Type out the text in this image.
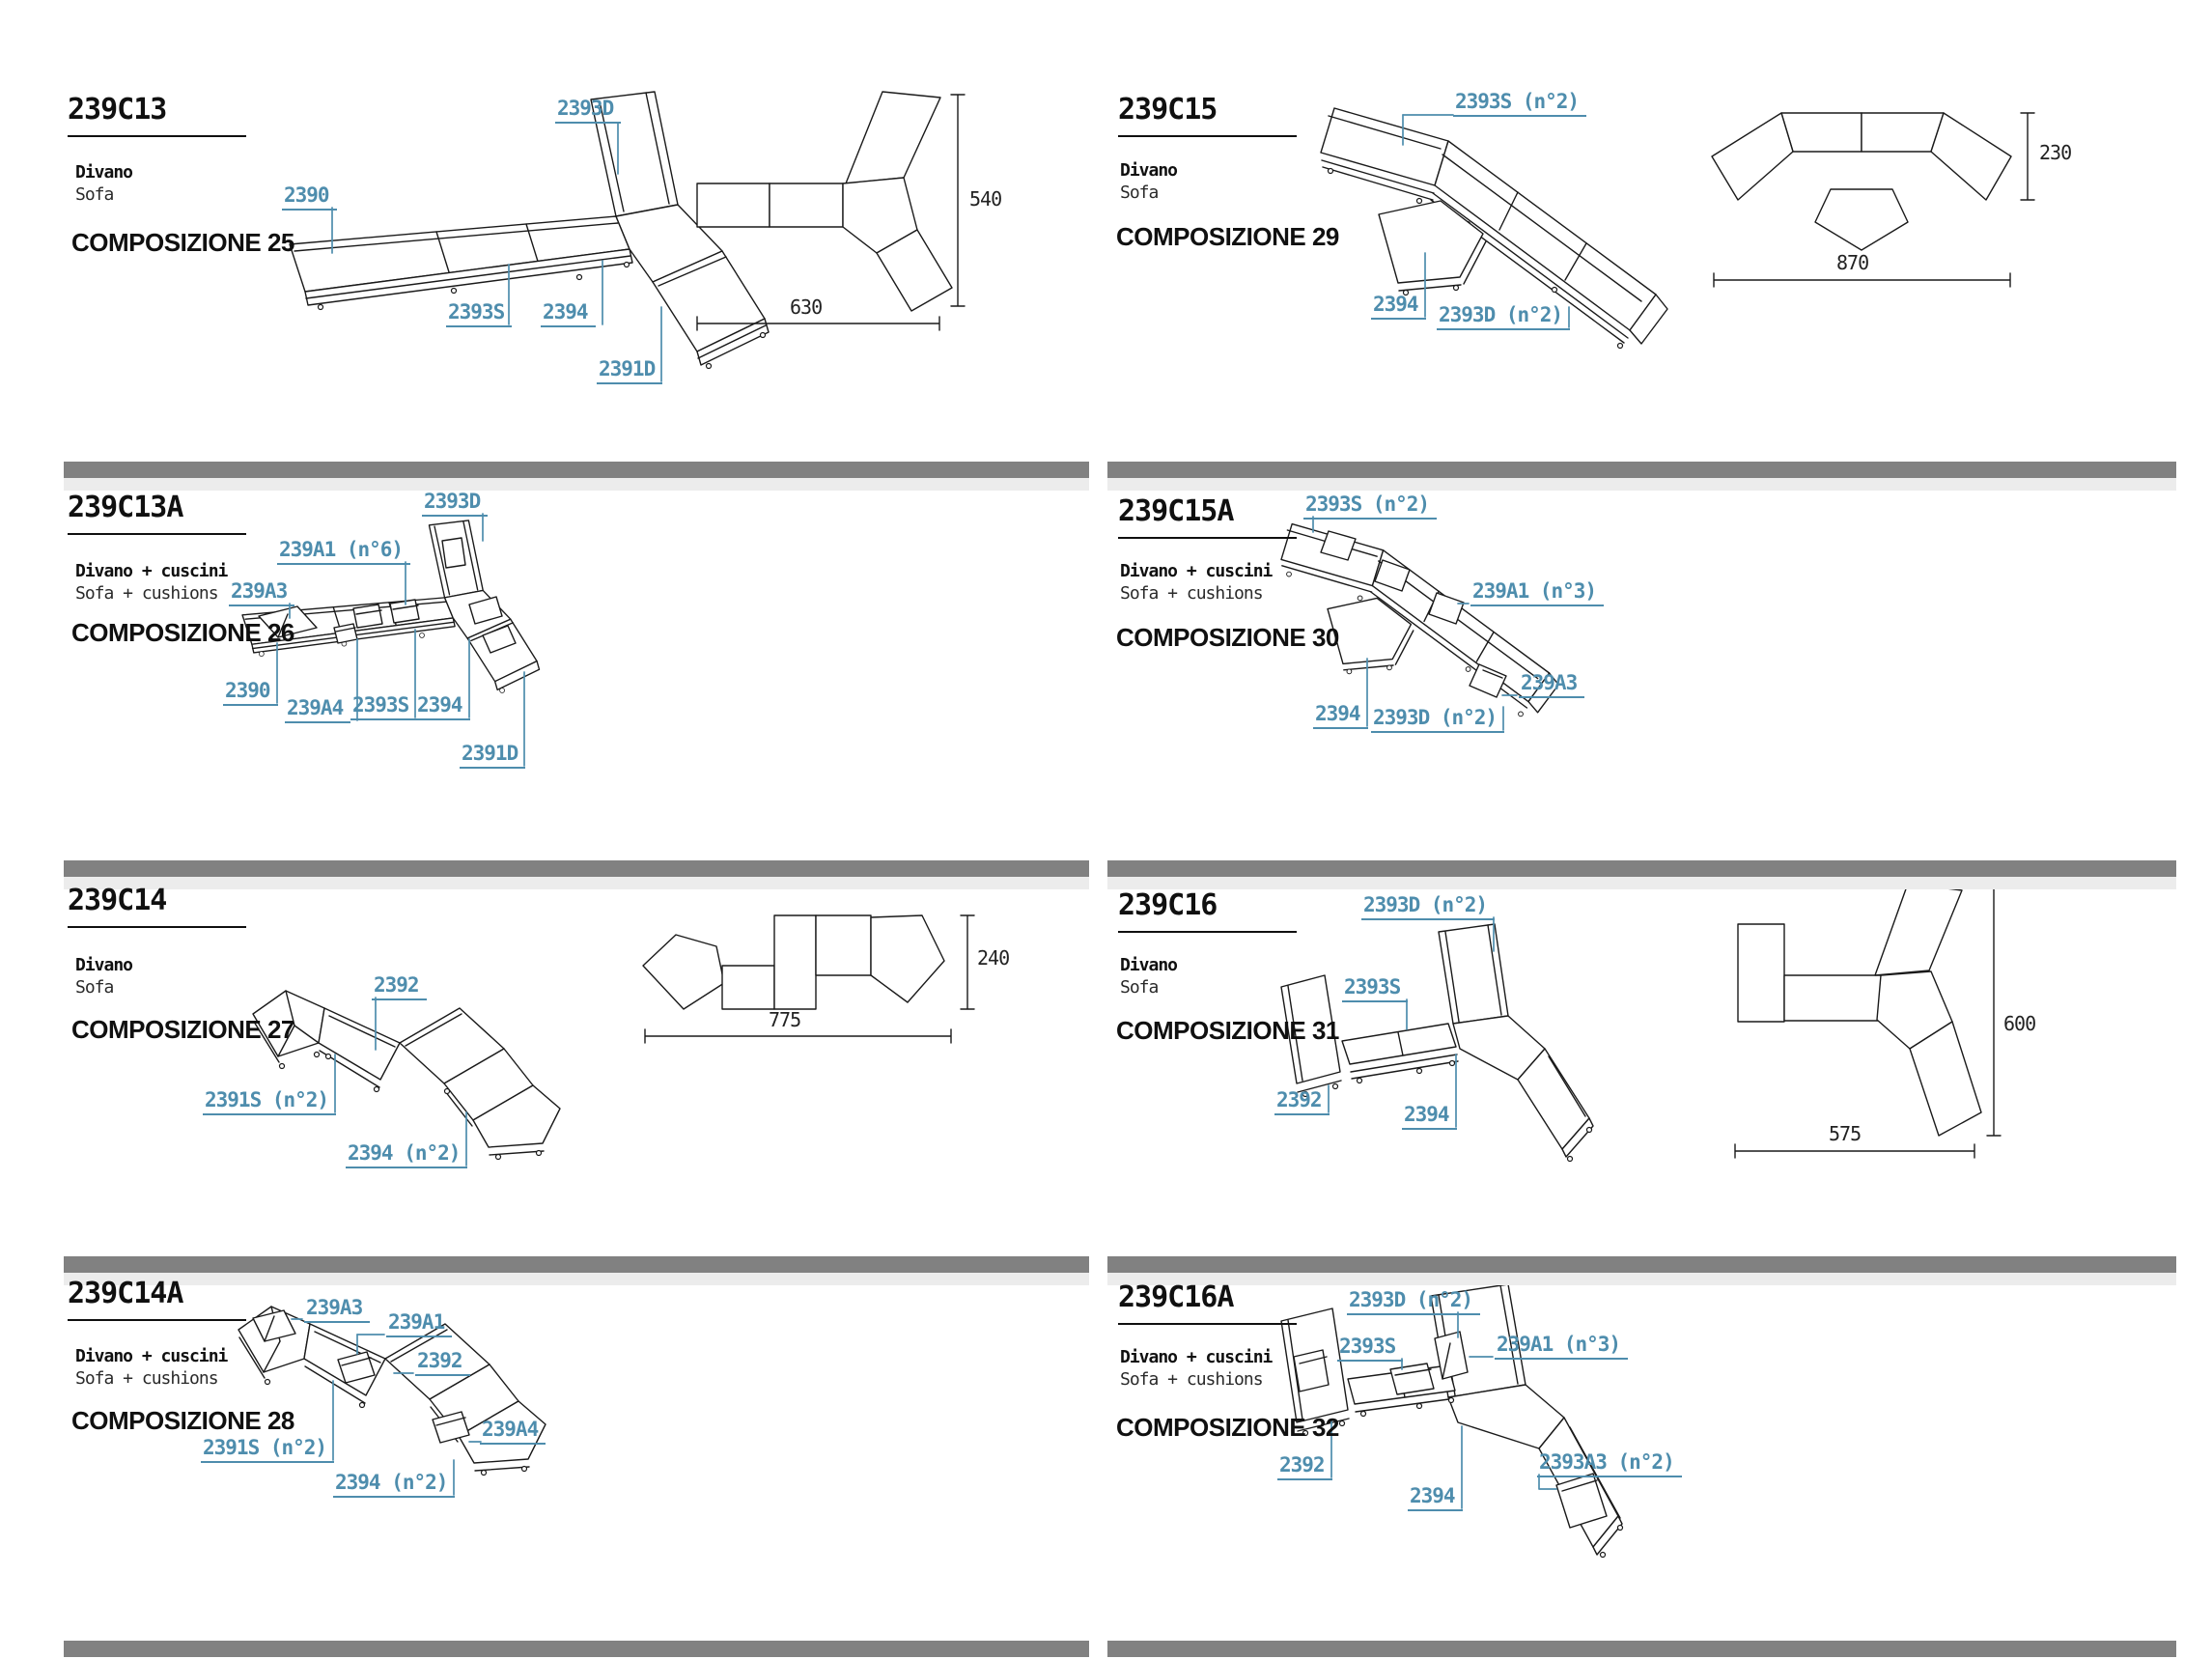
239C13
Divano
Sofa
COMPOSIZIONE 25
2393D
2390
2393S	2394
2391D
540
630
239C15
Divano
Sofa
COMPOSIZIONE 29
2393S (n°2)
2394	2393D (n°2)
230
870
239C13A
Divano + cuscini
Sofa + cushions
COMPOSIZIONE 26
2393D
239A1 (n°6)
239A3
2390
239A4 2393S 2394
2391D
239C15A
Divano + cuscini
Sofa + cushions
COMPOSIZIONE 30
2393S (n°2)
239A1 (n°3)
239A3
2394 2393D (n°2)
239C14
Divano
Sofa
COMPOSIZIONE 27
2392
2391S (n°2)
2394 (n°2)
240
775
239C16
Divano
Sofa
COMPOSIZIONE 31
2393D (n°2)
2393S
2392
2394
600
575
239C14A
Divano + cuscini
Sofa + cushions
COMPOSIZIONE 28
239A3
239A1
2392
2391S (n°2)
239A4
2394 (n°2)
239C16A
Divano + cuscini
Sofa + cushions
COMPOSIZIONE 32
2393D (n°2)
2393S	239A1 (n°3)
2392
2394
2393A3 (n°2)
